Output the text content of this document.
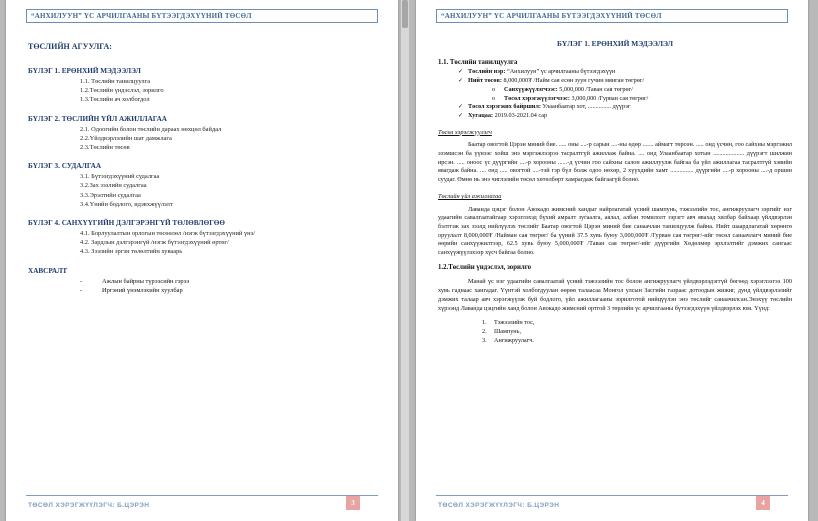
“АНХИЛУУН” ҮС АРЧИЛГААНЫ БҮТЭЭГДЭХҮҮНИЙ ТӨСӨЛ
ТӨСЛИЙН АГУУЛГА:
БҮЛЭГ 1. ЕРӨНХИЙ МЭДЭЭЛЭЛ
1.1. Төслийн танилцуулга
1.2.Төслийн үндэслэл, зорилго
1.3.Төслийн ач холбогдол
БҮЛЭГ 2. ТӨСЛИЙН ҮЙЛ АЖИЛЛАГАА
2.1. Одоогийн болон төслийн дараах нөхцөл байдал
2.2.Үйлдвэрлэлийн шат дамжлага
2.3.Төслийн төсөв
БҮЛЭГ 3. СУДАЛГАА
3.1. Бүтээгдэхүүний судалгаа
3.2.Зах зээлийн судалгаа
3.3.Эрэлтийн судалгаа
3.4.Үнийн бодлого, идэвхжүүлэлт
БҮЛЭГ 4. САНХҮҮГИЙН ДЭЛГЭРЭНГҮЙ ТӨЛӨВЛӨГӨӨ
4.1. Борлуулалтын орлогын төсөөлөл /нэгж бүтээгдэхүүний үнэ/
4.2. Зардлын дэлгэрэнгүй /нэгж бүтээгдэхүүний өртөг/
4.3. Зээлийн эргэн төлөлтийн хуваарь
ХАВСРАЛТ
-	Ажлын байрны түрээсийн гэрээ
-	Иргэний үнэмлэхийн хуулбар
ТӨСӨЛ ХЭРЭГЖҮҮЛЭГЧ: Б.ЦЭРЭН	3
“АНХИЛУУН” ҮС АРЧИЛГААНЫ БҮТЭЭГДЭХҮҮНИЙ ТӨСӨЛ
БҮЛЭГ 1. ЕРӨНХИЙ МЭДЭЭЛЭЛ
1.1. Төслийн танилцуулга
✓ Төслийн нэр: “Анхилуун” үс арчилгааны бүтээгдэхүүн
✓ Нийт төсөв: 8,000,000₮ /Найм сая есөн зуун гучин мянган төгрөг/
o Санхүүжүүлэгчээс: 5,000,000 /Таван сая төгрөг/
o Төсөл хэрэгжүүлэгчээс: 3,000,000 /Гурван сая төгрөг/
✓ Төсөл хэрэгжих байршил: Улаанбаатар хот, ............... дүүрэг
✓ Хугацаа: 2019.03-2021.04 сар
Төсөл хэрэгжүүлэгч
Баатар овогтой Цэрэн миний бие. ..... оны ....-р сарын ....-ны өдөр ....... аймагт төрсөн. ..... онд үсчин, гоо сайхны мэргэжил эзэмшсэн ба үүнээс хойш энэ мэргэжлээрээ тасралтгүй ажиллаж байна. .... онд Улаанбаатар хотын .................... дүүрэгт шилжин ирсэн. ..... оноос үс дүүргийн ....-р хорооны ......-д үсчин гоо сайхны салон ажиллуулж байгаа ба үйл ажиллагаа тасралтгүй хэвийн явагдаж байна. .... онд ..... овогтой ....-тэй гэр бүл болж одоо нөхөр, 2 хүүхдийн хамт ............... дүүргийн ....-р хорооны ....-д оршин суудаг. Өмнө нь энэ чиглэлийн төсөл хөтөлбөрт хамрагдаж байгаагүй болно.
Төслийн үйл ажиллагаа
Лаванда цэцэг болон Авокадо жимсний хандыг найрлагатай үсний шампунь, тэжээлийн тос, ангижруулагч зэргийг нэг удаагийн савалгаатайгаар хэрэглэхэд бүхий амралт зугаалга, аялал, албан томилолт зэрэгт авч явахад хялбар байхаар үйлдвэрлэн бэлтгэж зах зээлд нийлүүлэх төслийг Баатар овогтой Цэрэн миний бие санаачлан танилцуулж байна. Нийт шаардлагатай хөрөнгө оруулалт 8,000,000₮ /Найман сая төгрөг/ ба үүний 37.5 хувь буюу 3,000,000₮ /Гурван сая төгрөг/-ийг төсөл санаачлагч миний бие өөрийн санхүүжилтээр, 62.5 хувь буюу 5,000,000₮ /Таван сая төгрөг/-ийг дүүргийн Хөдөлмөр эрхлэлтийг дэмжих сангаас санхүүжүүлэхээр хүсч байгаа болно.
1.2.Төслийн үндэслэл, зорилго
Манай үс нэг удаагийн савалгаатай үсний тэжээлийн тос болон ангижруулагч үйлдвэрлэдэггүй бөгөөд хэрэглээгээ 100 хувь гаднаас хангадаг. Үүнтэй холбогдуулан өөрөө талаасаа Монгол улсын Засгийн газраас дотоодын жижиг, дунд үйлдвэрлэлийг дэмжих талаар авч хэрэгжүүлж буй бодлого, үйл ажиллагааны зорилготой нийцүүлэн энэ төслийг санаачилсан.Энэхүү төслийн хүрээнд Лаванда цэцгийн ханд болон Авокадо жимсний ортгой 3 төрлийн үс арчилгааны бүтээгдэхүүн үйлдвэрлэх юм. Үүнд:
1. Тэжээлийн тос,
2. Шампунь,
3. Ангижруулагч.
ТӨСӨЛ ХЭРЭГЖҮҮЛЭГЧ: Б.ЦЭРЭН	4
